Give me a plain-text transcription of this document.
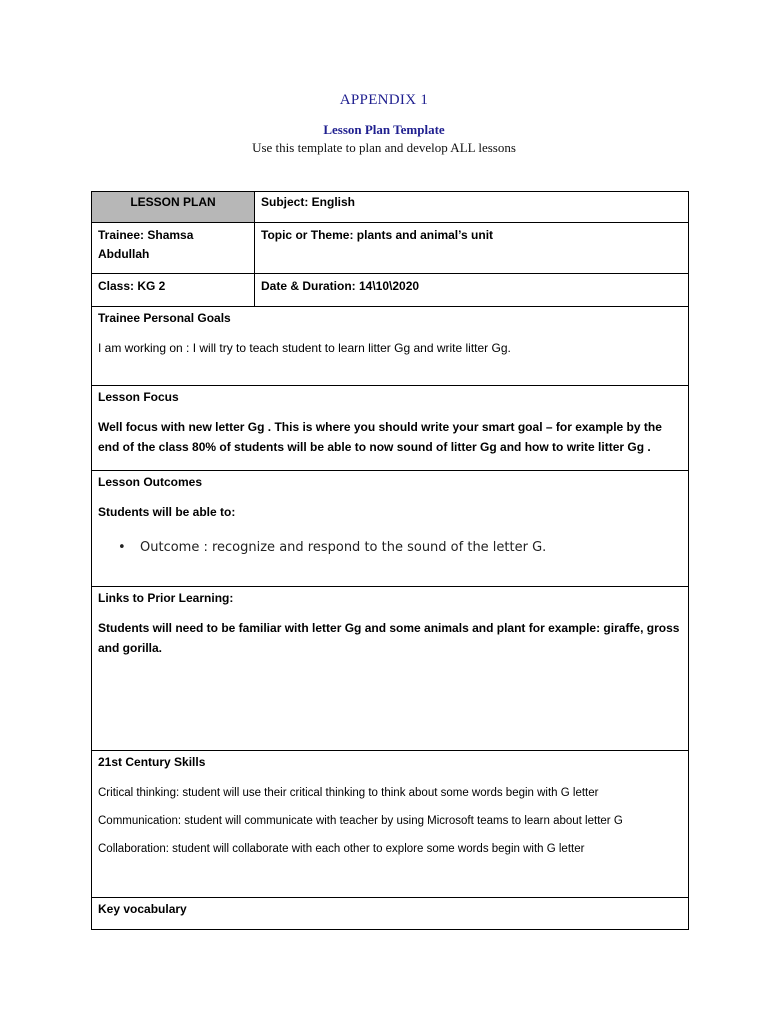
APPENDIX 1
Lesson Plan Template
Use this template to plan and develop ALL lessons
LESSON PLAN	Subject: English

Trainee: Shamsa
Abdullah	Topic or Theme: plants and animal’s unit
Class: KG 2	Date & Duration: 14\10\2020

Trainee Personal Goals
I am working on : I will try to teach student to learn litter Gg and write litter Gg.	

Lesson Focus
Well focus with new letter Gg . This is where you should write your smart goal – for example by the end of the class 80% of students will be able to now sound of litter Gg and how to write litter Gg .	

Lesson Outcomes
Students will be able to:
• Outcome : recognize and respond to the sound of the letter G.	

Links to Prior Learning:
Students will need to be familiar with letter Gg and some animals and plant for example: giraffe, gross and gorilla.	

21st Century Skills
Critical thinking: student will use their critical thinking to think about some words begin with G letter
Communication: student will communicate with teacher by using Microsoft teams to learn about letter G
Collaboration: student will collaborate with each other to explore some words begin with G letter	

Key vocabulary	
